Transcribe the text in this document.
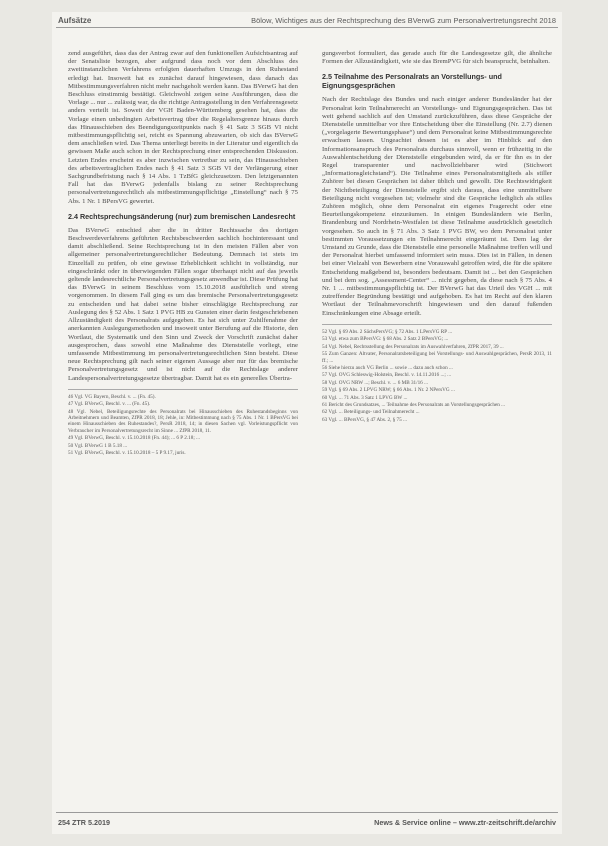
Aufsätze	Bölow, Wichtiges aus der Rechtsprechung des BVerwG zum Personalvertretungsrecht 2018

zend ausgeführt, dass das der Antrag zwar auf den funktionellen Aufsichtsantrag auf der Senatsliste bezogen, aber aufgrund dass noch vor dem Abschluss des zweitinstanzlichen Verfahrens erfolgten dauerhaften Umzugs in den Ruhestand erledigt hat. Insoweit hat es zunächst darauf hingewiesen, dass danach das Mitbestimmungsverfahren nicht mehr nachgeholt werden kann. Das BVerwG hat den Beschluss einstimmig bestätigt. Gleichwohl zeigen seine Ausführungen, dass die Vorlage ... nur ... zulässig war, da die richtige Antragsstellung in den Verfahrensgesetz anders verteilt ist. Soweit der VGH Baden-Württemberg gesehen hat, dass die Vorlage einen unbedingten Arbeitsvertrag über die Regelaltersgrenze hinaus durch das Hinausschieben des Beendigungszeitpunkts nach § 41 Satz 3 SGB VI nicht mitbestimmungspflichtig sei, reicht es Spannung abzuwarten, ob sich das BVerwG dem anschließen wird. Das Thema unterliegt bereits in der Literatur und eigentlich da gewissen Maße auch schon in der Rechtsprechung einer entsprechenden Diskussion. Letzten Endes erscheint es aber inzwischen vertretbar zu sein, das Hinausschieben des arbeitsvertraglichen Endes nach § 41 Satz 3 SGB VI der Verlängerung einer Sachgrundbefristung nach § 14 Abs. 1 TzBfG gleichzusetzen. Den letztgenannten Fall hat das BVerwG jedenfalls bislang zu seiner Rechtsprechung personalvertretungsrechtlich als mitbestimmungspflichtige „Einstellung“ nach § 75 Abs. 1 Nr. 1 BPersVG gewertet.

2.4 Rechtsprechungsänderung (nur) zum bremischen Landesrecht

Das BVerwG entschied aber die in dritter Rechtssache des dortigen Beschwerdeverfahrens geführten Rechtsbeschwerden sachlich hochinteressant und damit abschließend. Seine Rechtsprechung ist in den meisten Fällen aber von allgemeiner personalvertretungsrechtlicher Bedeutung. Demnach ist stets im Einzelfall zu prüfen, ob eine gewisse Erheblichkeit schlicht in vollständig, nur eingeschränkt oder in überwiegenden Fällen sogar überhaupt nicht auf das jeweils geltende landesrechtliche Personalvertretungsgesetz anwendbar ist. Diese Prüfung hat das BVerwG in seinem Beschluss vom 15.10.2018 ausführlich und streng vorgenommen. In diesem Fall ging es um das bremische Personalvertretungsgesetz zu entscheiden und hat dabei seine bisher einschlägige Rechtsprechung zur Auslegung des § 52 Abs. 1 Satz 1 PVG HB zu Gunsten einer darin festgeschriebenen Allzuständigkeit des Personalrats aufgegeben. Es hat sich unter Zuhilfenahme der anerkannten Auslegungsmethoden und insoweit unter Berufung auf die Historie, den Wortlaut, die Systematik und den Sinn und Zweck der Vorschrift zunächst daher ausgesprochen, dass sowohl eine Maßnahme des Dienststelle vorliegt, eine umfassende Mitbestimmung im personalvertretungsrechtlichen Sinn besteht. Diese neue Rechtsprechung gilt nach seiner eigenen Aussage aber nur für das bremische Personalvertretungsgesetz und ist nicht auf die Rechtslage anderer Landespersonalvertretungsgesetze übertragbar. Damit hat es ein generelles Übertra-

46 Vgl. VG Bayern, Beschl. v. ... (Fn. 45).

47 Vgl. BVerwG, Beschl. v. ... (Fn. 45).

48 Vgl. Nebel, Beteiligungsrechte des Personalrats bei Hinausschieben des Ruhestandsbeginns von Arbeitnehmern und Beamten, ZfPR 2018, 18; Jehle, in: Mitbestimmung nach § 75 Abs. 1 Nr. 1 BPersVG bei einem Hinausschieben des Ruhestandes?, PersR 2018, 14; in diesen Sachen vgl. Vorleistungspflicht von Verbraucher im Personalvertretungsrecht im Sinne ... ZfPR 2018, 11.

49 Vgl. BVerwG, Beschl. v. 15.10.2018 (Fn. 44); ... 6 P 2.18; ...

50 Vgl. BVerwG 1 B 5.18 ...

51 Vgl. BVerwG, Beschl. v. 15.10.2018 – 5 P 9.17, juris.

gungsverbot formuliert, das gerade auch für die Landesgesetze gilt, die ähnliche Formen der Allzuständigkeit, wie sie das BremPVG für sich beansprucht, beinhalten.

2.5 Teilnahme des Personalrats an Vorstellungs- und Eignungsgesprächen

Nach der Rechtslage des Bundes und nach einiger anderer Bundesländer hat der Personalrat kein Teilnahmerecht an Vorstellungs- und Eignungsgesprächen. Das ist weit gehend sachlich auf den Umstand zurückzuführen, dass diese Gespräche der Dienststelle unmittelbar vor ihre Entscheidung über die Einstellung (Nr. 2.7) dienen („vorgelagerte Bewertungsphase“) und dem Personalrat keine Mitbestimmungsrechte erwachsen lassen. Ungeachtet dessen ist es aber im Hinblick auf den Informationsanspruch des Personalrats durchaus sinnvoll, wenn er frühzeitig in die Auswahlentscheidung der Dienststelle eingebunden wird, da er für ihn es in der Regel transparenter und nachvollziehbarer wird (Stichwort „Informationsgleichstand“). Die Teilnahme eines Personalratsmitglieds als stiller Zuhörer bei diesen Gesprächen ist daher üblich und gewollt. Die Rechtswidrigkeit der Nichtbeteiligung der Dienststelle ergibt sich daraus, dass eine unmittelbare Beteiligung nicht vorgesehen ist; vielmehr sind die Gespräche lediglich als stilles Zuhören möglich, ohne dem Personalrat ein eigenes Fragerecht oder eine Beurteilungskompetenz einzuräumen. In einigen Bundesländern wie Berlin, Brandenburg und Nordrhein-Westfalen ist diese Teilnahme ausdrücklich gesetzlich vorgesehen. So auch in § 71 Abs. 3 Satz 1 PVG BW, wo dem Personalrat unter bestimmten Voraussetzungen ein Teilnahmerecht eingeräumt ist. Dem lag der Umstand zu Grunde, dass die Dienststelle eine personelle Maßnahme treffen will und der Personalrat hierbei umfassend informiert sein muss. Dies ist in Fällen, in denen bei einer Vielzahl von Bewerbern eine Vorauswahl getroffen wird, die für die spätere Entscheidung maßgebend ist, besonders bedeutsam. Damit ist ... bei den Gesprächen und bei dem sog. „Assessment-Center“ ... nicht gegeben, da diese nach § 75 Abs. 4 Nr. 1 ... mitbestimmungspflichtig ist. Der BVerwG hat das Urteil des VGH ... mit zutreffender Begründung bestätigt und aufgehoben. Es hat im Recht auf den klaren Wortlaut der Teilnahmevorschrift hingewiesen und den darauf fußenden Einschränkungen eine Absage erteilt.

52 Vgl. § 69 Abs. 2 SächsPersVG; § 72 Abs. 1 LPersVG RP ...

53 Vgl. etwa zum BPersVG: § 68 Abs. 2 Satz 2 BPersVG; ...

54 Vgl. Nebel, Rechtsstellung des Personalrats im Auswahlverfahren, ZfPR 2017, 39 ...

55 Zum Ganzen: Altvater, Personalratsbeteiligung bei Vorstellungs- und Auswahlgesprächen, PersR 2013, 11 ff.; ...

56 Siehe hierzu auch VG Berlin ... sowie ... dazu auch schon ...

57 Vgl. OVG Schleswig-Holstein, Beschl. v. 14.11.2016 ...; ...

58 Vgl. OVG NRW ...; Beschl. v. ... 6 MB 31/16 ...

59 Vgl. § 69 Abs. 2 LPVG NRW; § 66 Abs. 1 Nr. 2 NPersVG ...

60 Vgl. ... 71 Abs. 3 Satz 1 LPVG BW ...

61 Bericht des Grundsatzes, ... Teilnahme des Personalrats an Vorstellungsgesprächen ...

62 Vgl. ... Beteiligungs- und Teilnahmerecht ...

63 Vgl. ... BPersVG, § 47 Abs. 2, § 75 ...

254 ZTR 5.2019	News & Service online – www.ztr-zeitschrift.de/archiv
